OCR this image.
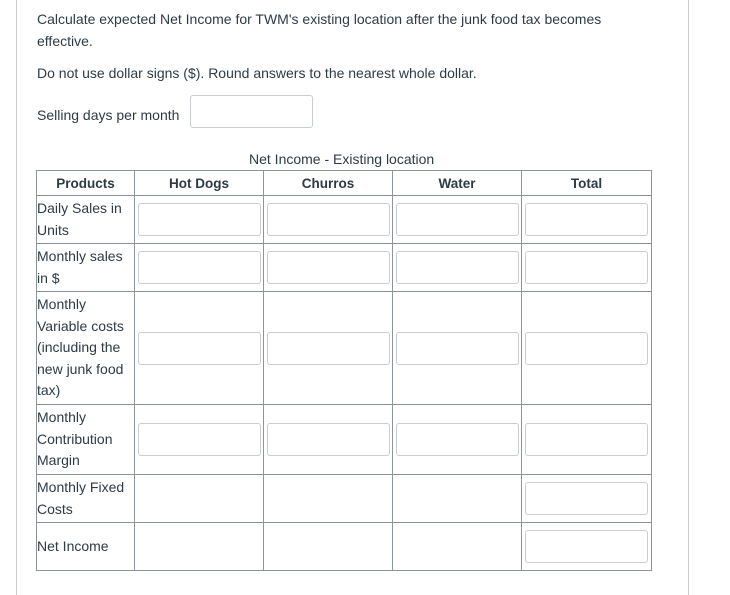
Calculate expected Net Income for TWM's existing location after the junk food tax becomes effective.
Do not use dollar signs ($). Round answers to the nearest whole dollar.
Selling days per month
Net Income - Existing location
Products	Hot Dogs	Churros	Water	Total
Daily Sales in Units	

Monthly sales in $	

Monthly Variable costs (including the new junk food tax)	

Monthly Contribution Margin	

Monthly Fixed Costs				

Net Income				
